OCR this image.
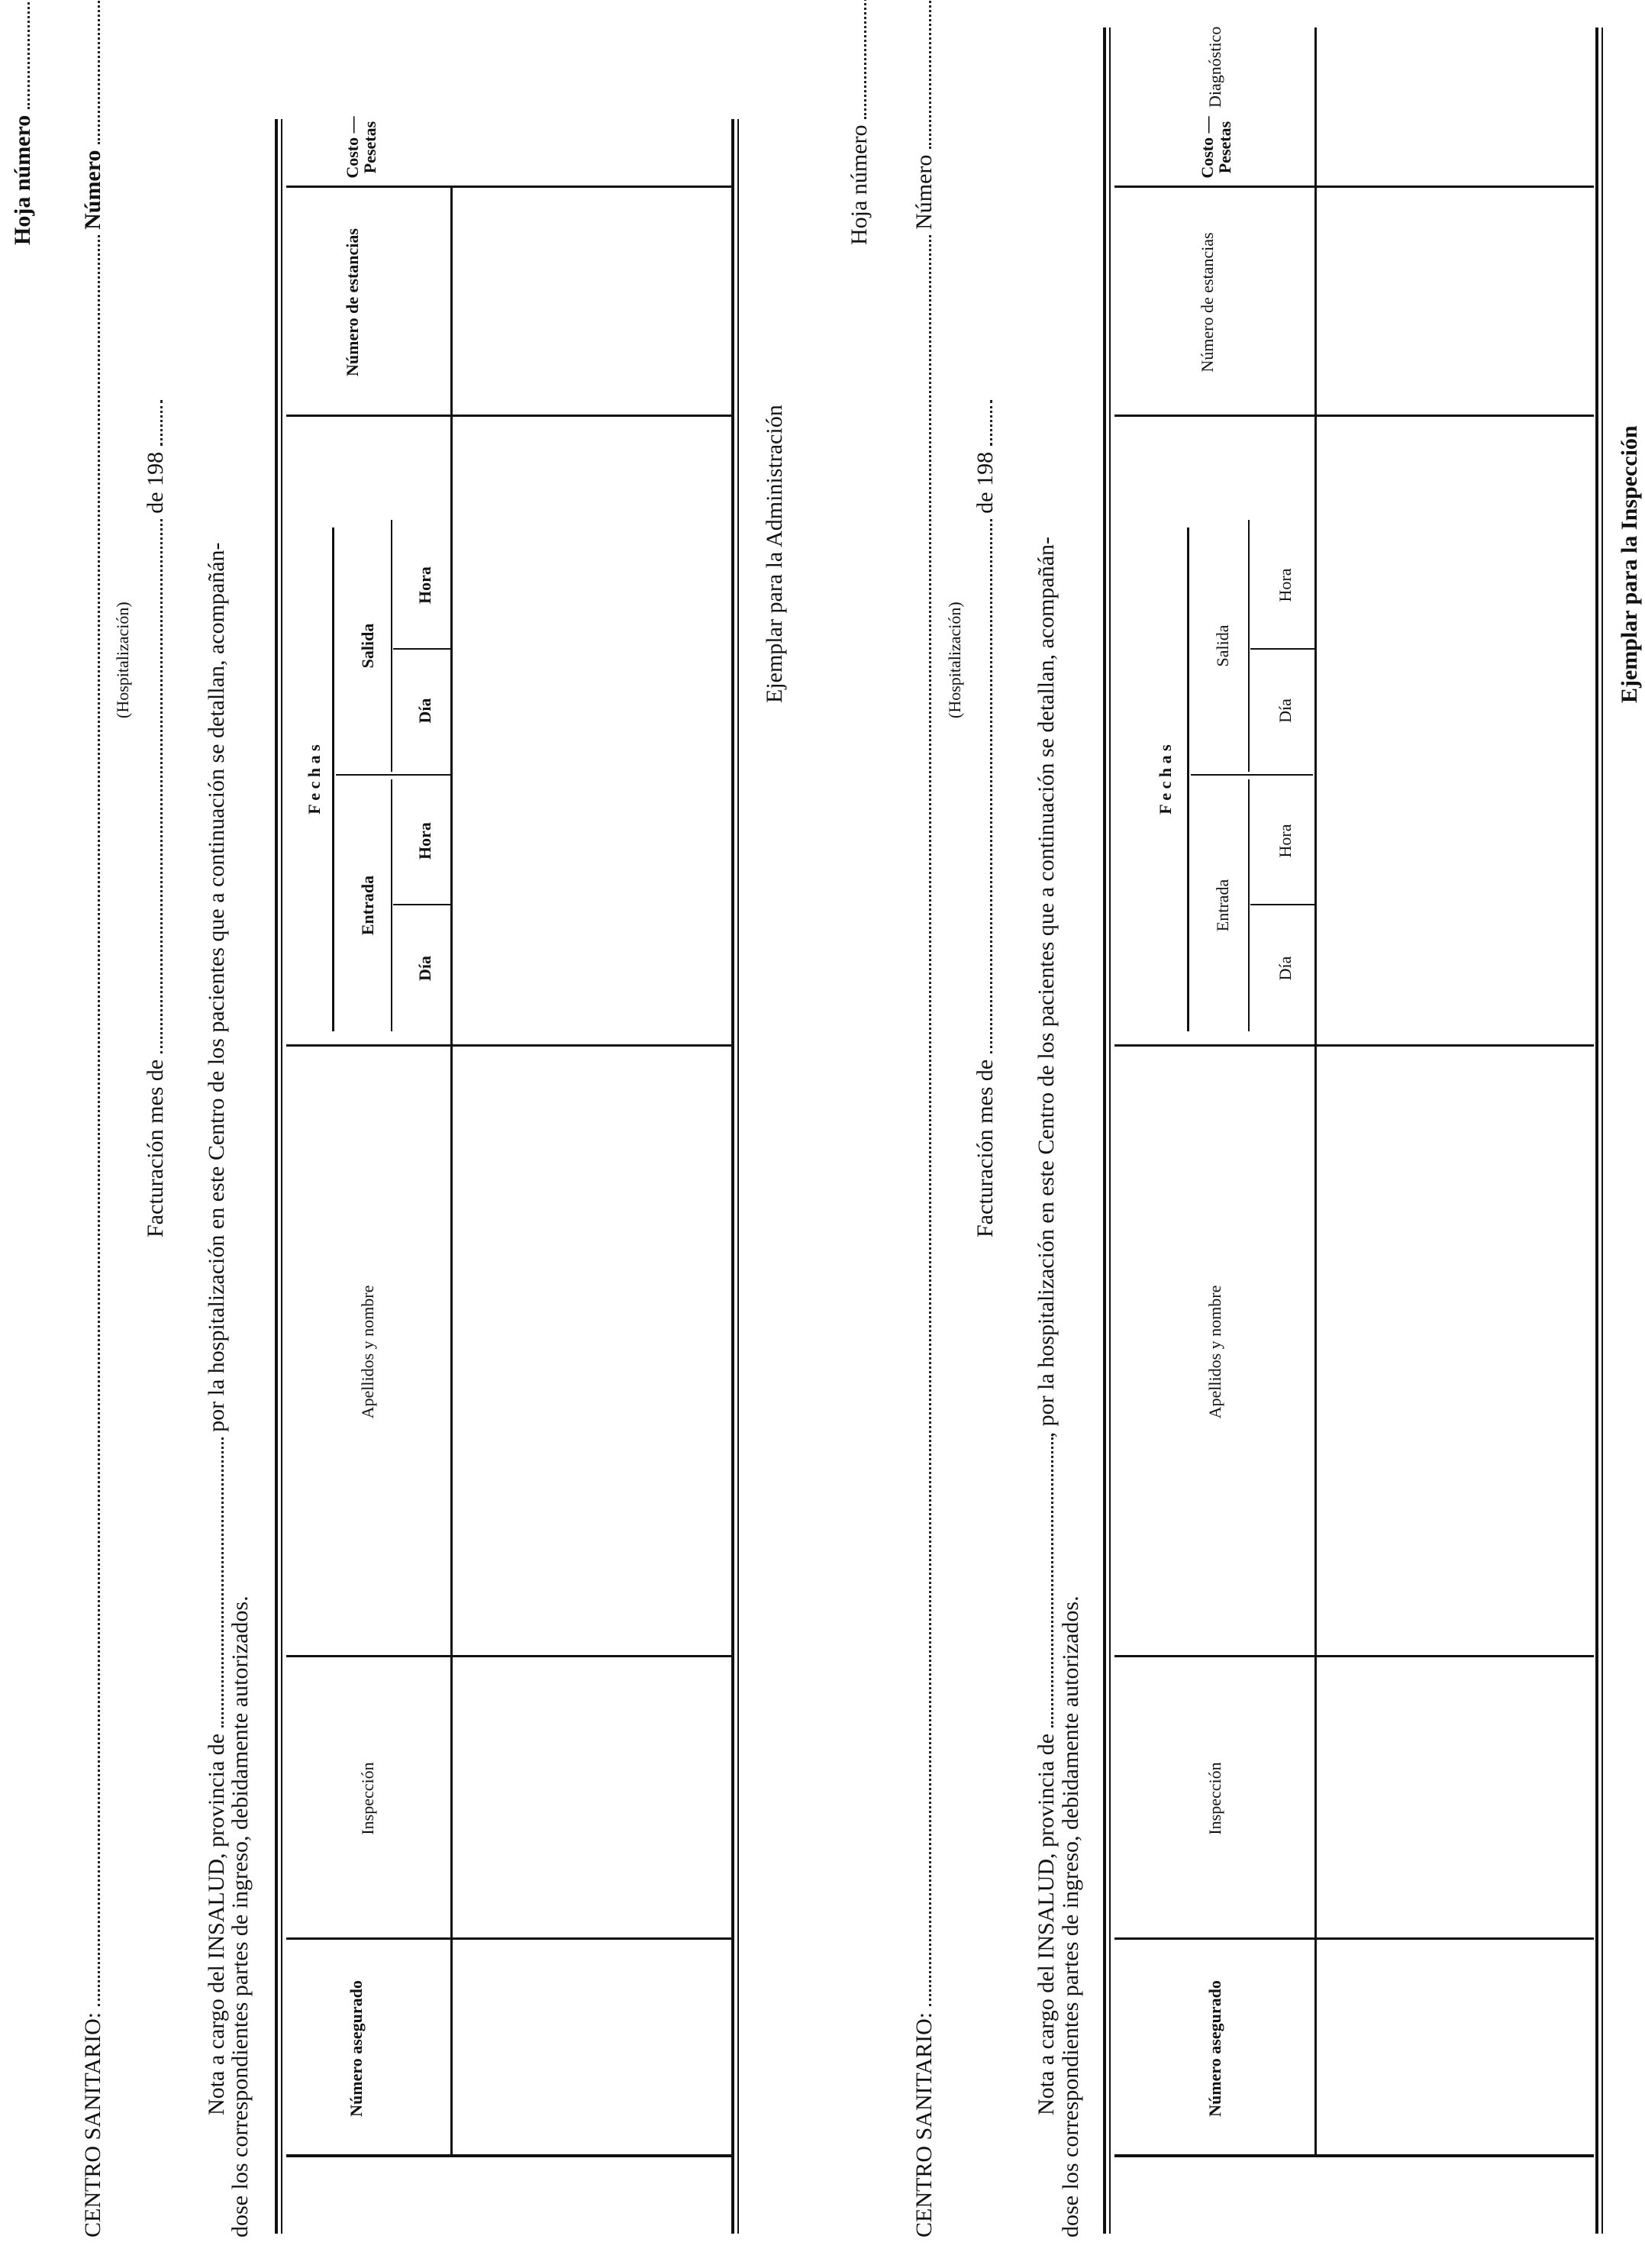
Hoja número
CENTRO SANITARIO:  Número
(Hospitalización)
Facturación mes de  de 198
Nota a cargo del INSALUD, provincia de  por la hospitalización en este Centro de los pacientes que a continuación se detallan, acompañán-
dose los correspondientes partes de ingreso, debidamente autorizados.	Número asegurado
Inspección
Apellidos y nombre
F e c h a s
Entrada
Salida
Día
Hora
Día
Hora
Número de estancias
Costo — Pesetas
Ejemplar para la Administración
Hoja número
CENTRO SANITARIO:  Número
(Hospitalización)
Facturación mes de  de 198
Nota a cargo del INSALUD, provincia de , por la hospitalización en este Centro de los pacientes que a continuación se detallan, acompañán-
dose los correspondientes partes de ingreso, debidamente autorizados.	Número asegurado
Inspección
Apellidos y nombre
F e c h a s
Entrada
Salida
Día
Hora
Día
Hora
Número de estancias
Costo — Pesetas
Diagnóstico
Ejemplar para la Inspección
